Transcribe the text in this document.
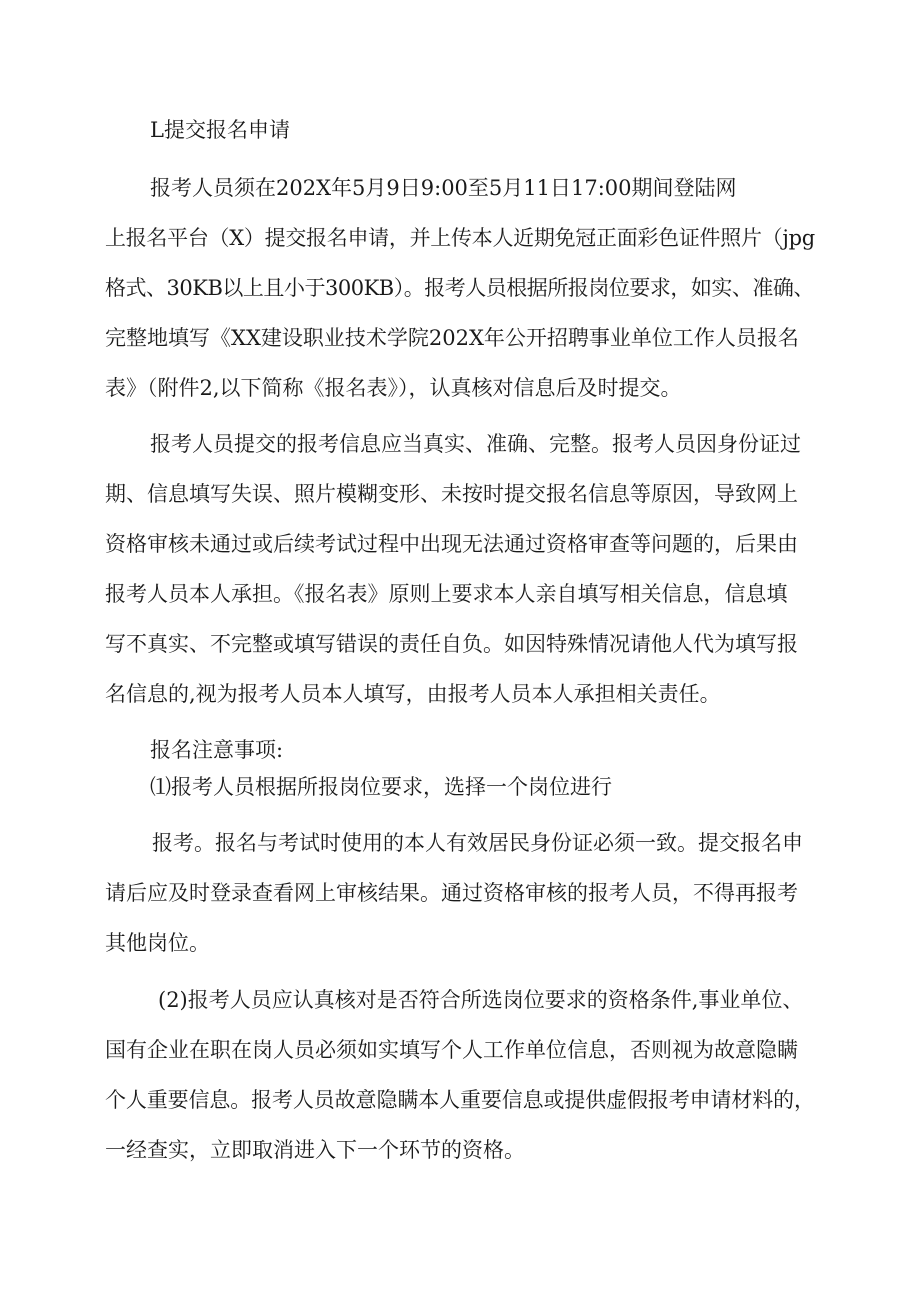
L提交报名申请
报考人员须在202X年5月9日9:00至5月11日17:00期间登陆网
上报名平台（X）提交报名申请，并上传本人近期免冠正面彩色证件照片（jpg
格式、30KB以上且小于300KB）。报考人员根据所报岗位要求，如实、准确、
完整地填写《XX建设职业技术学院202X年公开招聘事业单位工作人员报名
表》（附件2,以下简称《报名表》），认真核对信息后及时提交。
报考人员提交的报考信息应当真实、准确、完整。报考人员因身份证过
期、信息填写失误、照片模糊变形、未按时提交报名信息等原因，导致网上
资格审核未通过或后续考试过程中出现无法通过资格审查等问题的，后果由
报考人员本人承担。《报名表》原则上要求本人亲自填写相关信息，信息填
写不真实、不完整或填写错误的责任自负。如因特殊情况请他人代为填写报
名信息的,视为报考人员本人填写，由报考人员本人承担相关责任。
报名注意事项:
⑴报考人员根据所报岗位要求，选择一个岗位进行
报考。报名与考试时使用的本人有效居民身份证必须一致。提交报名申
请后应及时登录查看网上审核结果。通过资格审核的报考人员，不得再报考
其他岗位。
(2)报考人员应认真核对是否符合所选岗位要求的资格条件,事业单位、
国有企业在职在岗人员必须如实填写个人工作单位信息，否则视为故意隐瞒
个人重要信息。报考人员故意隐瞒本人重要信息或提供虚假报考申请材料的，
一经查实，立即取消进入下一个环节的资格。
